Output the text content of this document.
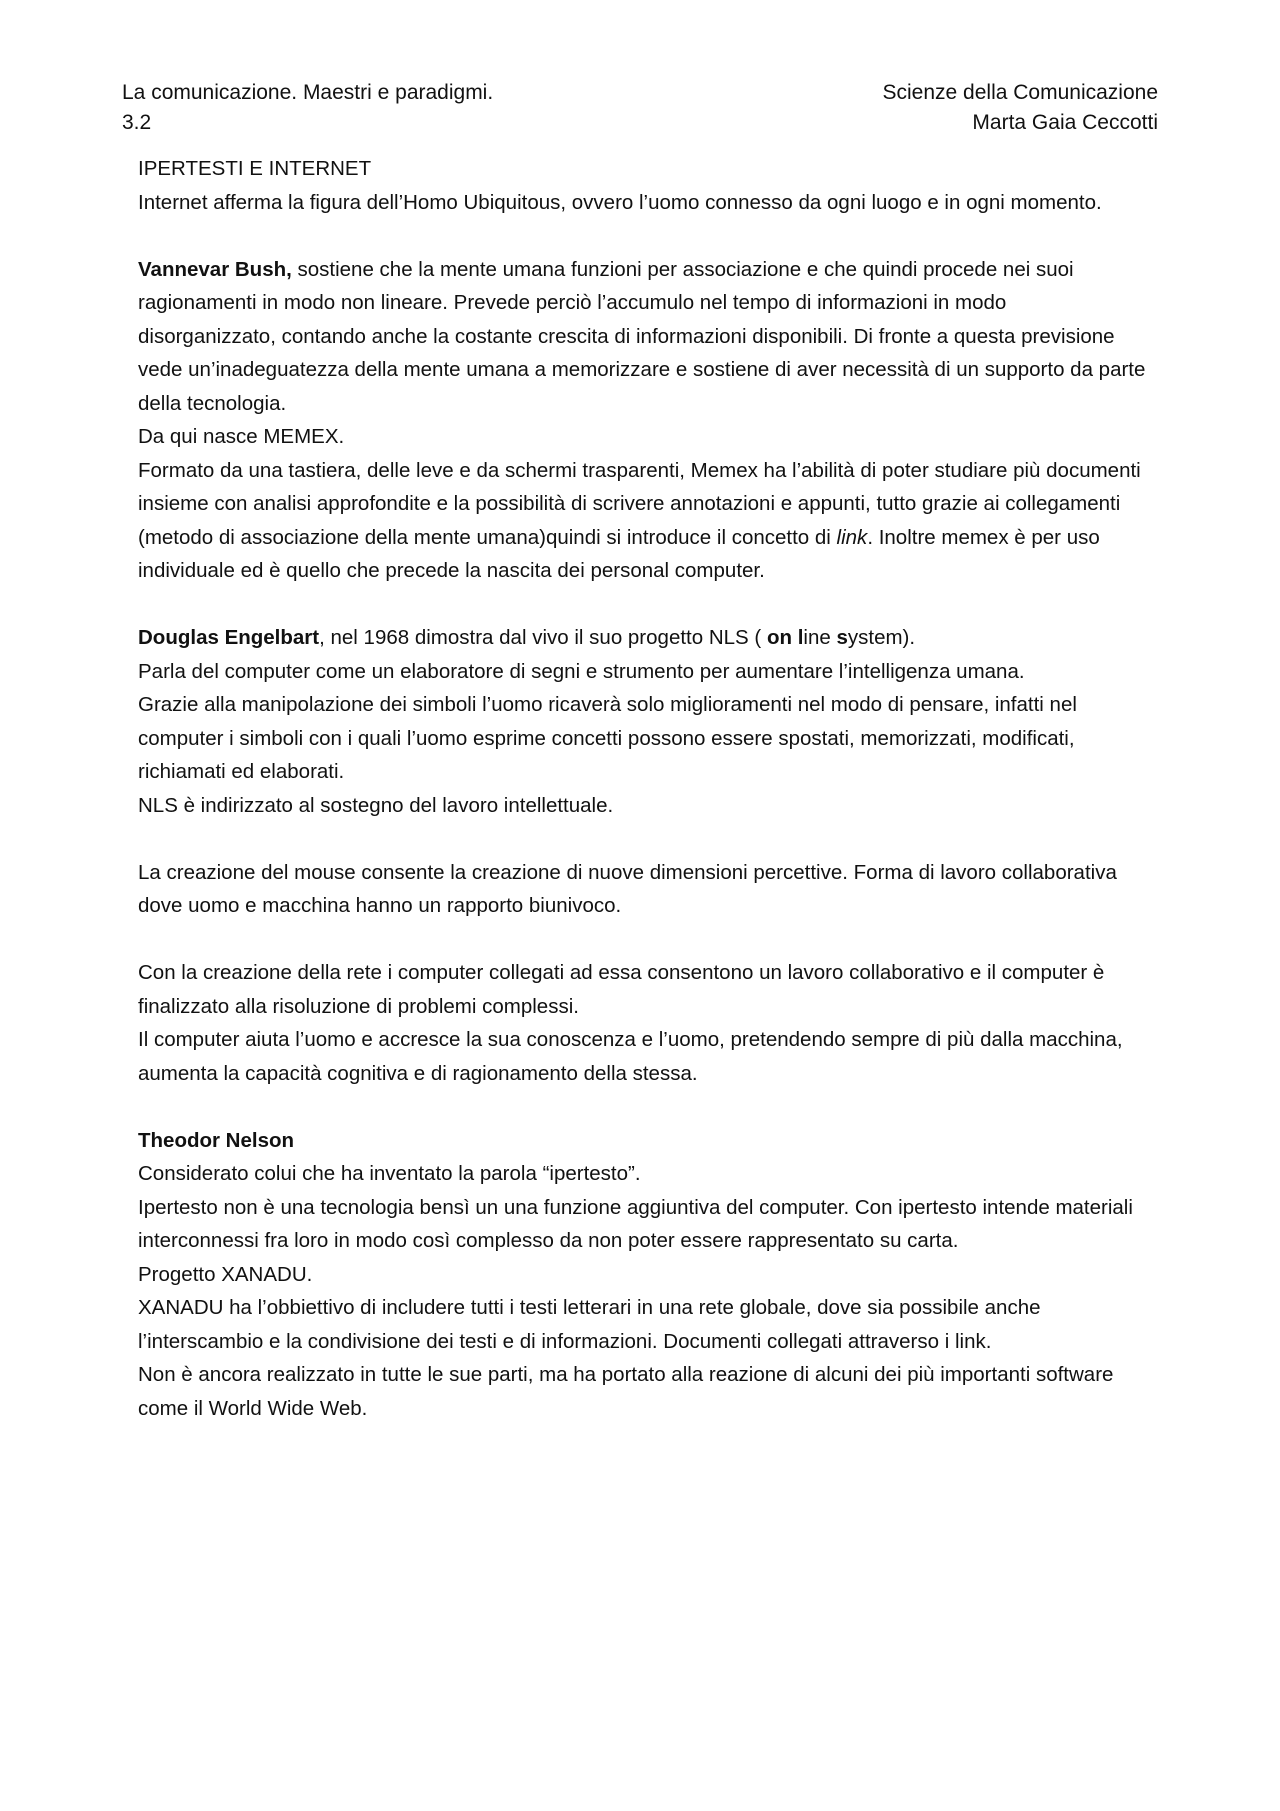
La comunicazione. Maestri e paradigmi.
3.2
Scienze della Comunicazione
Marta Gaia Ceccotti

IPERTESTI E INTERNET

Internet afferma la figura dell’Homo Ubiquitous, ovvero l’uomo connesso da ogni luogo e in ogni momento.

Vannevar Bush, sostiene che la mente umana funzioni per associazione e che quindi procede nei suoi ragionamenti in modo non lineare. Prevede perciò l’accumulo nel tempo di informazioni in modo disorganizzato, contando anche la costante crescita di informazioni disponibili. Di fronte a questa previsione vede un’inadeguatezza della mente umana a memorizzare e sostiene di aver necessità di un supporto da parte della tecnologia.

Da qui nasce MEMEX.

Formato da una tastiera, delle leve e da schermi trasparenti, Memex ha l’abilità di poter studiare più documenti insieme con analisi approfondite e la possibilità di scrivere annotazioni e appunti, tutto grazie ai collegamenti (metodo di associazione della mente umana)quindi si introduce il concetto di link. Inoltre memex è per uso individuale ed è quello che precede la nascita dei personal computer.

Douglas Engelbart, nel 1968 dimostra dal vivo il suo progetto NLS ( on line system).

Parla del computer come un elaboratore di segni e strumento per aumentare l’intelligenza umana.

Grazie alla manipolazione dei simboli l’uomo ricaverà solo miglioramenti nel modo di pensare, infatti nel computer i simboli con i quali l’uomo esprime concetti possono essere spostati, memorizzati, modificati, richiamati ed elaborati.

NLS è indirizzato al sostegno del lavoro intellettuale.

La creazione del mouse consente la creazione di nuove dimensioni percettive. Forma di lavoro collaborativa dove uomo e macchina hanno un rapporto biunivoco.

Con la creazione della rete i computer collegati ad essa consentono un lavoro collaborativo e il computer è finalizzato alla risoluzione di problemi complessi.

Il computer aiuta l’uomo e accresce la sua conoscenza e l’uomo, pretendendo sempre di più dalla macchina, aumenta la capacità cognitiva e di ragionamento della stessa.

Theodor Nelson

Considerato colui che ha inventato la parola “ipertesto”.

Ipertesto non è una tecnologia bensì un una funzione aggiuntiva del computer. Con ipertesto intende materiali interconnessi fra loro in modo così complesso da non poter essere rappresentato su carta.

Progetto XANADU.

XANADU ha l’obbiettivo di includere tutti i testi letterari in una rete globale, dove sia possibile anche l’interscambio e la condivisione dei testi e di informazioni. Documenti collegati attraverso i link.

Non è ancora realizzato in tutte le sue parti, ma ha portato alla reazione di alcuni dei più importanti software come il World Wide Web.
